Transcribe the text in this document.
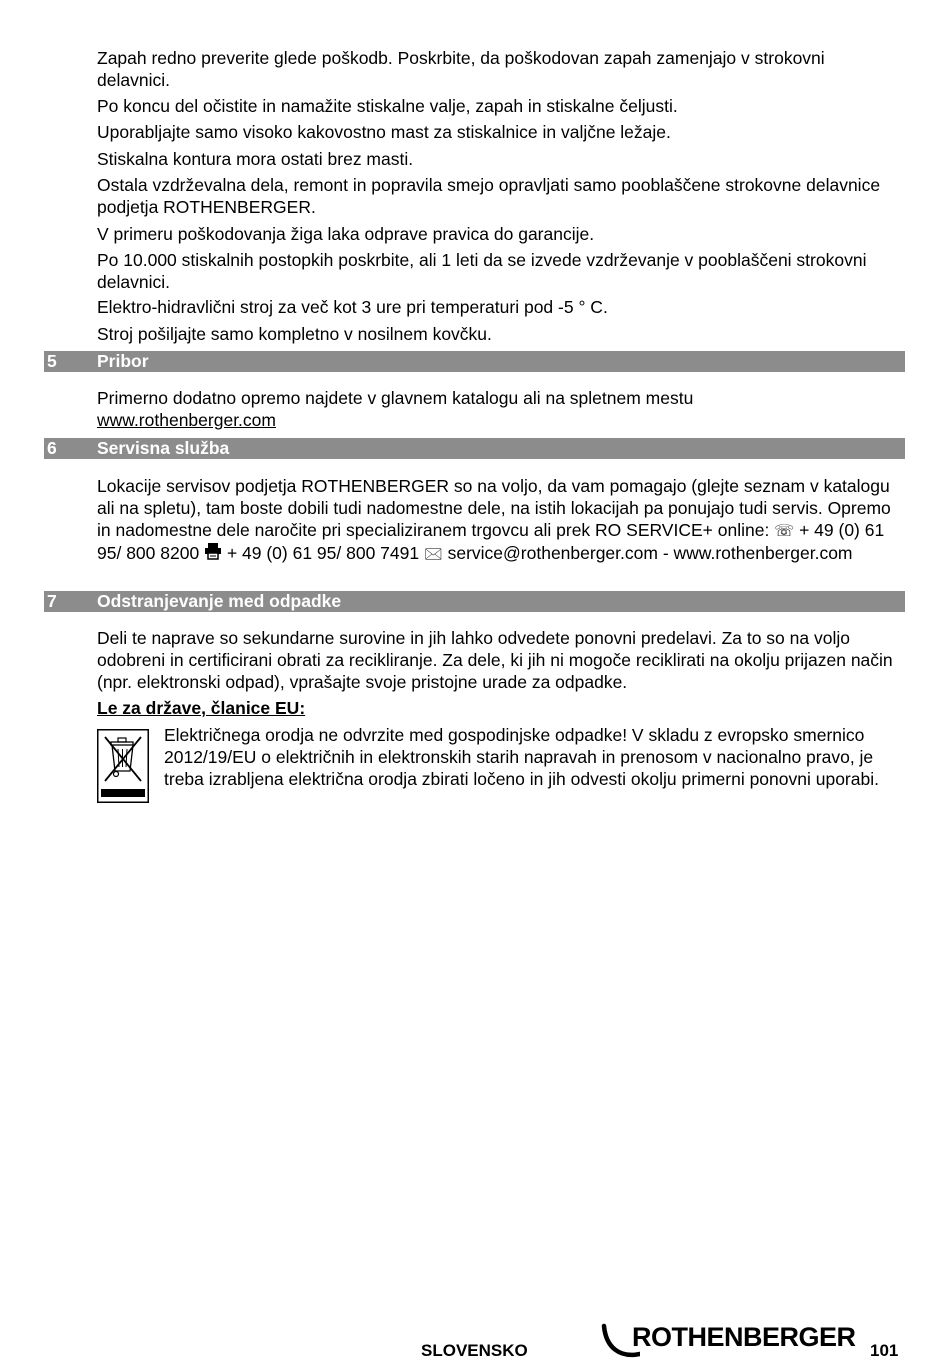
Zapah redno preverite glede poškodb. Poskrbite, da poškodovan zapah zamenjajo v strokovni delavnici.

Po koncu del očistite in namažite stiskalne valje, zapah in stiskalne čeljusti.

Uporabljajte samo visoko kakovostno mast za stiskalnice in valjčne ležaje.

Stiskalna kontura mora ostati brez masti.

Ostala vzdrževalna dela, remont in popravila smejo opravljati samo pooblaščene strokovne delavnice podjetja ROTHENBERGER.

V primeru poškodovanja žiga laka odprave pravica do garancije.

Po 10.000 stiskalnih postopkih poskrbite, ali 1 leti da se izvede vzdrževanje v pooblaščeni strokovni delavnici.

Elektro-hidravlični stroj za več kot 3 ure pri temperaturi pod -5 ° C.

Stroj pošiljajte samo kompletno v nosilnem kovčku.

5 Pribor

Primerno dodatno opremo najdete v glavnem katalogu ali na spletnem mestu
www.rothenberger.com

6 Servisna služba

Lokacije servisov podjetja ROTHENBERGER so na voljo, da vam pomagajo (glejte seznam v katalogu ali na spletu), tam boste dobili tudi nadomestne dele, na istih lokacijah pa ponujajo tudi servis. Opremo in nadomestne dele naročite pri specializiranem trgovcu ali prek RO SERVICE+ online: ☏ + 49 (0) 61 95/ 800 8200 + 49 (0) 61 95/ 800 7491 🖂 service@rothenberger.com - www.rothenberger.com

7 Odstranjevanje med odpadke

Deli te naprave so sekundarne surovine in jih lahko odvedete ponovni predelavi. Za to so na voljo odobreni in certificirani obrati za recikliranje. Za dele, ki jih ni mogoče reciklirati na okolju prijazen način (npr. elektronski odpad), vprašajte svoje pristojne urade za odpadke.

Le za države, članice EU:

Električnega orodja ne odvrzite med gospodinjske odpadke! V skladu z evropsko smernico 2012/19/EU o električnih in elektronskih starih napravah in prenosom v nacionalno pravo, je treba izrabljena električna orodja zbirati ločeno in jih odvesti okolju primerni ponovni uporabi.

SLOVENSKO	ROTHENBERGER 101
